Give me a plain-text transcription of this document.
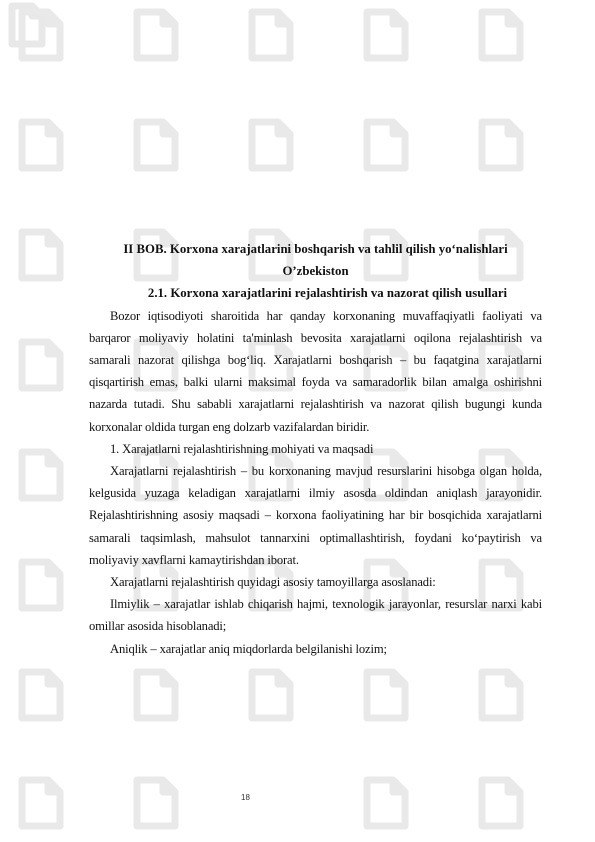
II BOB. Korxona xarajatlarini boshqarish va tahlil qilish yo‘nalishlari

O’zbekiston

2.1. Korxona xarajatlarini rejalashtirish va nazorat qilish usullari

Bozor iqtisodiyoti sharoitida har qanday korxonaning muvaffaqiyatli faoliyati va barqaror moliyaviy holatini ta'minlash bevosita xarajatlarni oqilona rejalashtirish va samarali nazorat qilishga bog‘liq. Xarajatlarni boshqarish – bu faqatgina xarajatlarni qisqartirish emas, balki ularni maksimal foyda va samaradorlik bilan amalga oshirishni nazarda tutadi. Shu sababli xarajatlarni rejalashtirish va nazorat qilish bugungi kunda korxonalar oldida turgan eng dolzarb vazifalardan biridir.

1. Xarajatlarni rejalashtirishning mohiyati va maqsadi

Xarajatlarni rejalashtirish – bu korxonaning mavjud resurslarini hisobga olgan holda, kelgusida yuzaga keladigan xarajatlarni ilmiy asosda oldindan aniqlash jarayonidir. Rejalashtirishning asosiy maqsadi – korxona faoliyatining har bir bosqichida xarajatlarni samarali taqsimlash, mahsulot tannarxini optimallashtirish, foydani ko‘paytirish va moliyaviy xavflarni kamaytirishdan iborat.

Xarajatlarni rejalashtirish quyidagi asosiy tamoyillarga asoslanadi:

Ilmiylik – xarajatlar ishlab chiqarish hajmi, texnologik jarayonlar, resurslar narxi kabi omillar asosida hisoblanadi;

Aniqlik – xarajatlar aniq miqdorlarda belgilanishi lozim;

18
